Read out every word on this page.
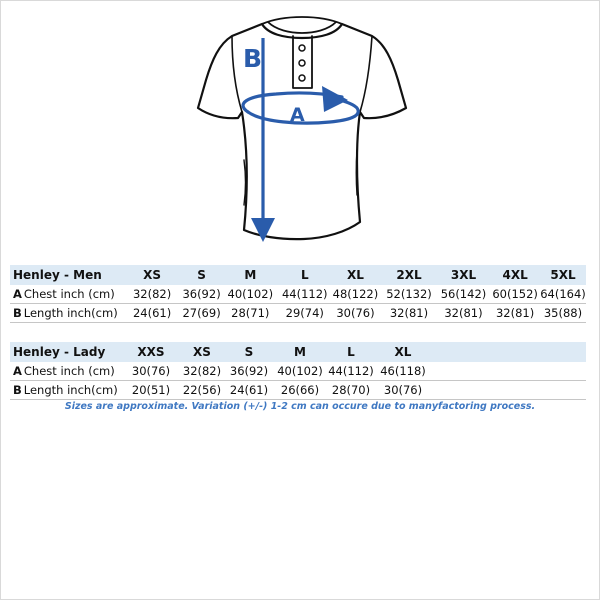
B
A
Henley - Men	XS	S	M	L	XL	2XL	3XL	4XL	5XL
A Chest inch (cm)	32(82)	36(92)	40(102)	44(112)	48(122)	52(132)	56(142)	60(152)	64(164)
B Length inch(cm)	24(61)	27(69)	28(71)	29(74)	30(76)	32(81)	32(81)	32(81)	35(88)
Henley - Lady	XXS	XS	S	M	L	XL	
A Chest inch (cm)	30(76)	32(82)	36(92)	40(102)	44(112)	46(118)	
B Length inch(cm)	20(51)	22(56)	24(61)	26(66)	28(70)	30(76)	
Sizes are approximate. Variation (+/-) 1-2 cm can occure due to manyfactoring process.
